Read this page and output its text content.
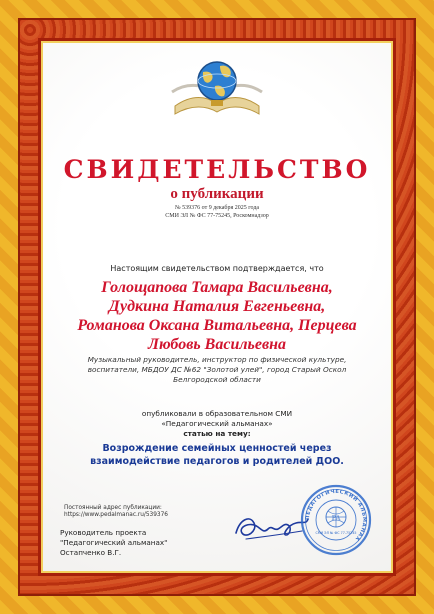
СВИДЕТЕЛЬСТВО
о публикации
№ 539376 от 9 декабря 2025 года
СМИ ЭЛ № ФС 77-75245, Роскомнадзор
Настоящим свидетельством подтверждается, что
Голощапова Тамара Васильевна,
Дудкина Наталия Евгеньевна,
Романова Оксана Витальевна, Перцева
Любовь Васильевна
Музыкальный руководитель, инструктор по физической культуре,
воспитатели, МБДОУ ДС №62 "Золотой улей", город Старый Оскол
Белгородской области
опубликовали в образовательном СМИ
«Педагогический альманах»
статью на тему:
Возрождение семейных ценностей через
взаимодействие педагогов и родителей ДОО.
Постоянный адрес публикации:
https://www.pedalmanac.ru/539376
Руководитель проекта
"Педагогический альманах"
Остапченко В.Г.
ПЕДАГОГИЧЕСКИЙ АЛЬМАНАХ
СМИ ЭЛ № ФС 77-75245
PA
